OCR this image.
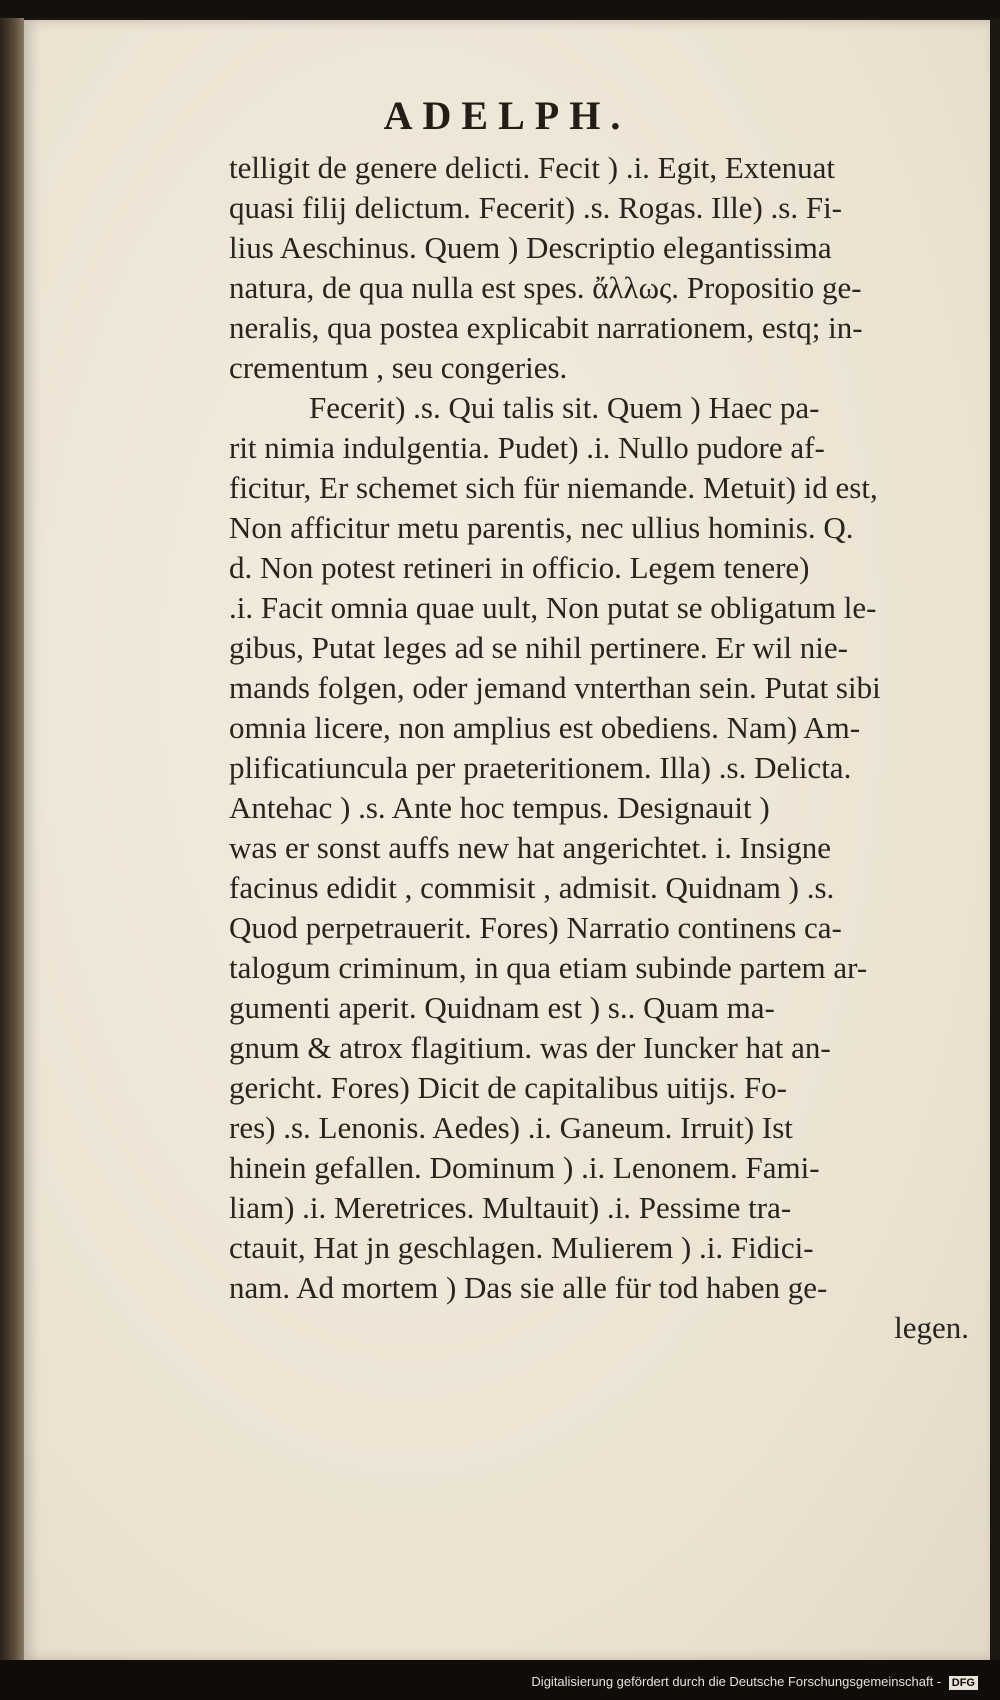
ADELPH.
telligit de genere delicti. Fecit ) .i. Egit, Extenuat
quasi filij delictum. Fecerit) .s. Rogas. Ille) .s. Fi-
lius Aeschinus. Quem ) Descriptio elegantissima
natura, de qua nulla est spes. ἄλλως. Propositio ge-
neralis, qua postea explicabit narrationem, estq; in-
crementum , seu congeries.
Fecerit) .s. Qui talis sit. Quem ) Haec pa-
rit nimia indulgentia. Pudet) .i. Nullo pudore af-
ficitur, Er schemet sich für niemande. Metuit) id est,
Non afficitur metu parentis, nec ullius hominis. Q.
d. Non potest retineri in officio. Legem tenere)
.i. Facit omnia quae uult, Non putat se obligatum le-
gibus, Putat leges ad se nihil pertinere. Er wil nie-
mands folgen, oder jemand vnterthan sein. Putat sibi
omnia licere, non amplius est obediens. Nam) Am-
plificatiuncula per praeteritionem. Illa) .s. Delicta.
Antehac ) .s. Ante hoc tempus. Designauit )
was er sonst auffs new hat angerichtet. i. Insigne
facinus edidit , commisit , admisit. Quidnam ) .s.
Quod perpetrauerit. Fores) Narratio continens ca-
talogum criminum, in qua etiam subinde partem ar-
gumenti aperit. Quidnam est ) s.. Quam ma-
gnum & atrox flagitium. was der Iuncker hat an-
gericht. Fores) Dicit de capitalibus uitijs. Fo-
res) .s. Lenonis. Aedes) .i. Ganeum. Irruit) Ist
hinein gefallen. Dominum ) .i. Lenonem. Fami-
liam) .i. Meretrices. Multauit) .i. Pessime tra-
ctauit, Hat jn geschlagen. Mulierem ) .i. Fidici-
nam. Ad mortem ) Das sie alle für tod haben ge-
legen.
Digitalisierung gefördert durch die Deutsche Forschungsgemeinschaft - DFG
